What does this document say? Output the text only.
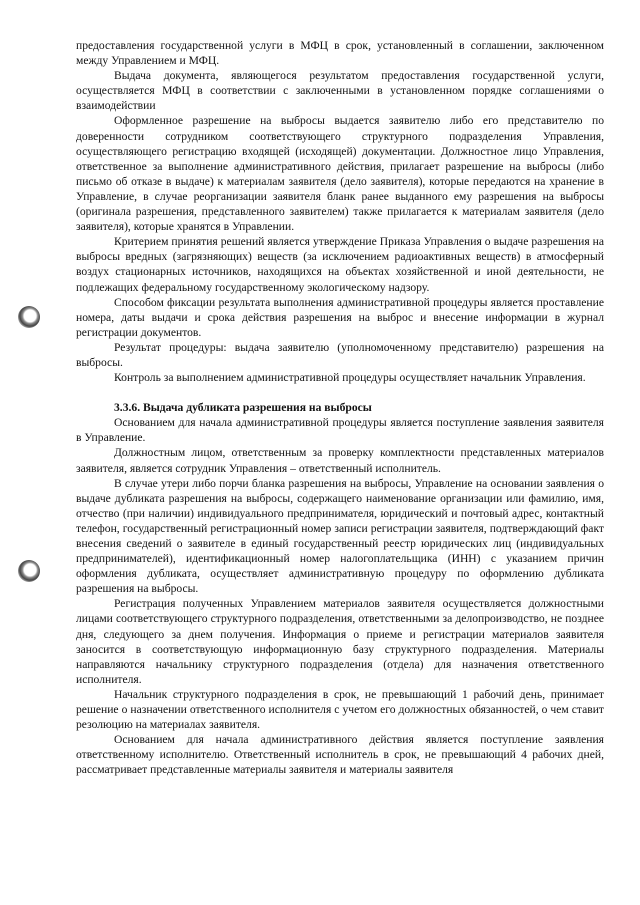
предоставления государственной услуги в МФЦ в срок, установленный в соглашении, заключенном между Управлением и МФЦ.

Выдача документа, являющегося результатом предоставления государственной услуги, осуществляется МФЦ в соответствии с заключенными в установленном порядке соглашениями о взаимодействии

Оформленное разрешение на выбросы выдается заявителю либо его представителю по доверенности сотрудником соответствующего структурного подразделения Управления, осуществляющего регистрацию входящей (исходящей) документации. Должностное лицо Управления, ответственное за выполнение административного действия, прилагает разрешение на выбросы (либо письмо об отказе в выдаче) к материалам заявителя (дело заявителя), которые передаются на хранение в Управление, в случае реорганизации заявителя бланк ранее выданного ему разрешения на выбросы (оригинала разрешения, представленного заявителем) также прилагается к материалам заявителя (дело заявителя), которые хранятся в Управлении.

Критерием принятия решений является утверждение Приказа Управления о выдаче разрешения на выбросы вредных (загрязняющих) веществ (за исключением радиоактивных веществ) в атмосферный воздух стационарных источников, находящихся на объектах хозяйственной и иной деятельности, не подлежащих федеральному государственному экологическому надзору.

Способом фиксации результата выполнения административной процедуры является проставление номера, даты выдачи и срока действия разрешения на выброс и внесение информации в журнал регистрации документов.

Результат процедуры: выдача заявителю (уполномоченному представителю) разрешения на выбросы.

Контроль за выполнением административной процедуры осуществляет начальник Управления.

3.3.6. Выдача дубликата разрешения на выбросы

Основанием для начала административной процедуры является поступление заявления заявителя в Управление.

Должностным лицом, ответственным за проверку комплектности представленных материалов заявителя, является сотрудник Управления – ответственный исполнитель.

В случае утери либо порчи бланка разрешения на выбросы, Управление на основании заявления о выдаче дубликата разрешения на выбросы, содержащего наименование организации или фамилию, имя, отчество (при наличии) индивидуального предпринимателя, юридический и почтовый адрес, контактный телефон, государственный регистрационный номер записи регистрации заявителя, подтверждающий факт внесения сведений о заявителе в единый государственный реестр юридических лиц (индивидуальных предпринимателей), идентификационный номер налогоплательщика (ИНН) с указанием причин оформления дубликата, осуществляет административную процедуру по оформлению дубликата разрешения на выбросы.

Регистрация полученных Управлением материалов заявителя осуществляется должностными лицами соответствующего структурного подразделения, ответственными за делопроизводство, не позднее дня, следующего за днем получения. Информация о приеме и регистрации материалов заявителя заносится в соответствующую информационную базу структурного подразделения. Материалы направляются начальнику структурного подразделения (отдела) для назначения ответственного исполнителя.

Начальник структурного подразделения в срок, не превышающий 1 рабочий день, принимает решение о назначении ответственного исполнителя с учетом его должностных обязанностей, о чем ставит резолюцию на материалах заявителя.

Основанием для начала административного действия является поступление заявления ответственному исполнителю. Ответственный исполнитель в срок, не превышающий 4 рабочих дней, рассматривает представленные материалы заявителя и материалы заявителя
